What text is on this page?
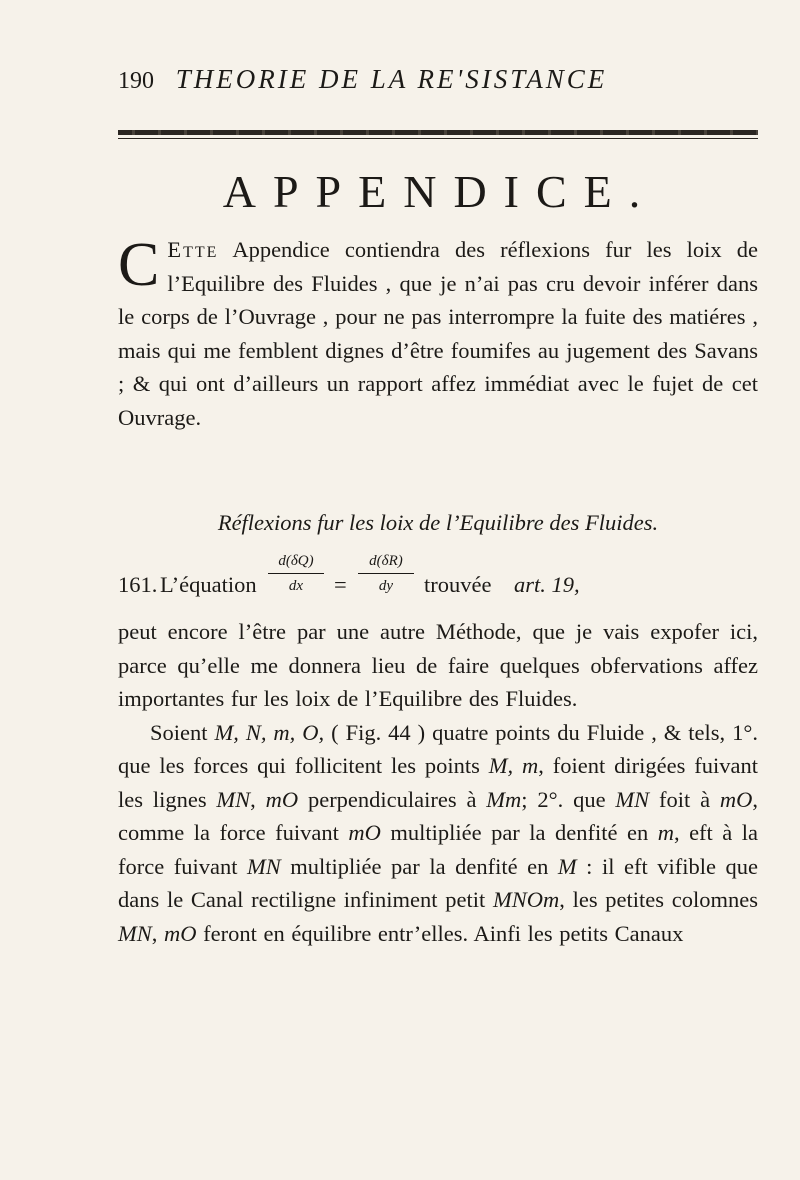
190 THEORIE DE LA RE'SISTANCE
APPENDICE.

C Ette Appendice contiendra des réflexions fur les loix de l’Equilibre des Fluides , que je n’ai pas cru devoir inférer dans le corps de l’Ouvrage , pour ne pas interrompre la fuite des matiéres , mais qui me femblent dignes d’être foumifes au jugement des Savans ; & qui ont d’ailleurs un rapport affez immédiat avec le fujet de cet Ouvrage.

Réflexions fur les loix de l’Equilibre des Fluides.
161. L’équation
d(δQ)
dx	=
d(δR)
dy	trouvée art. 19,

peut encore l’être par une autre Méthode, que je vais expofer ici, parce qu’elle me donnera lieu de faire quelques obfervations affez importantes fur les loix de l’Equilibre des Fluides.

Soient M, N, m, O, ( Fig. 44 ) quatre points du Fluide , & tels, 1°. que les forces qui follicitent les points M, m, foient dirigées fuivant les lignes MN, mO perpendiculaires à Mm; 2°. que MN foit à mO, comme la force fuivant mO multipliée par la denfité en m, eft à la force fuivant MN multipliée par la denfité en M : il eft vifible que dans le Canal rectiligne infiniment petit MNOm, les petites colomnes MN, mO feront en équilibre entr’elles. Ainfi les petits Canaux
